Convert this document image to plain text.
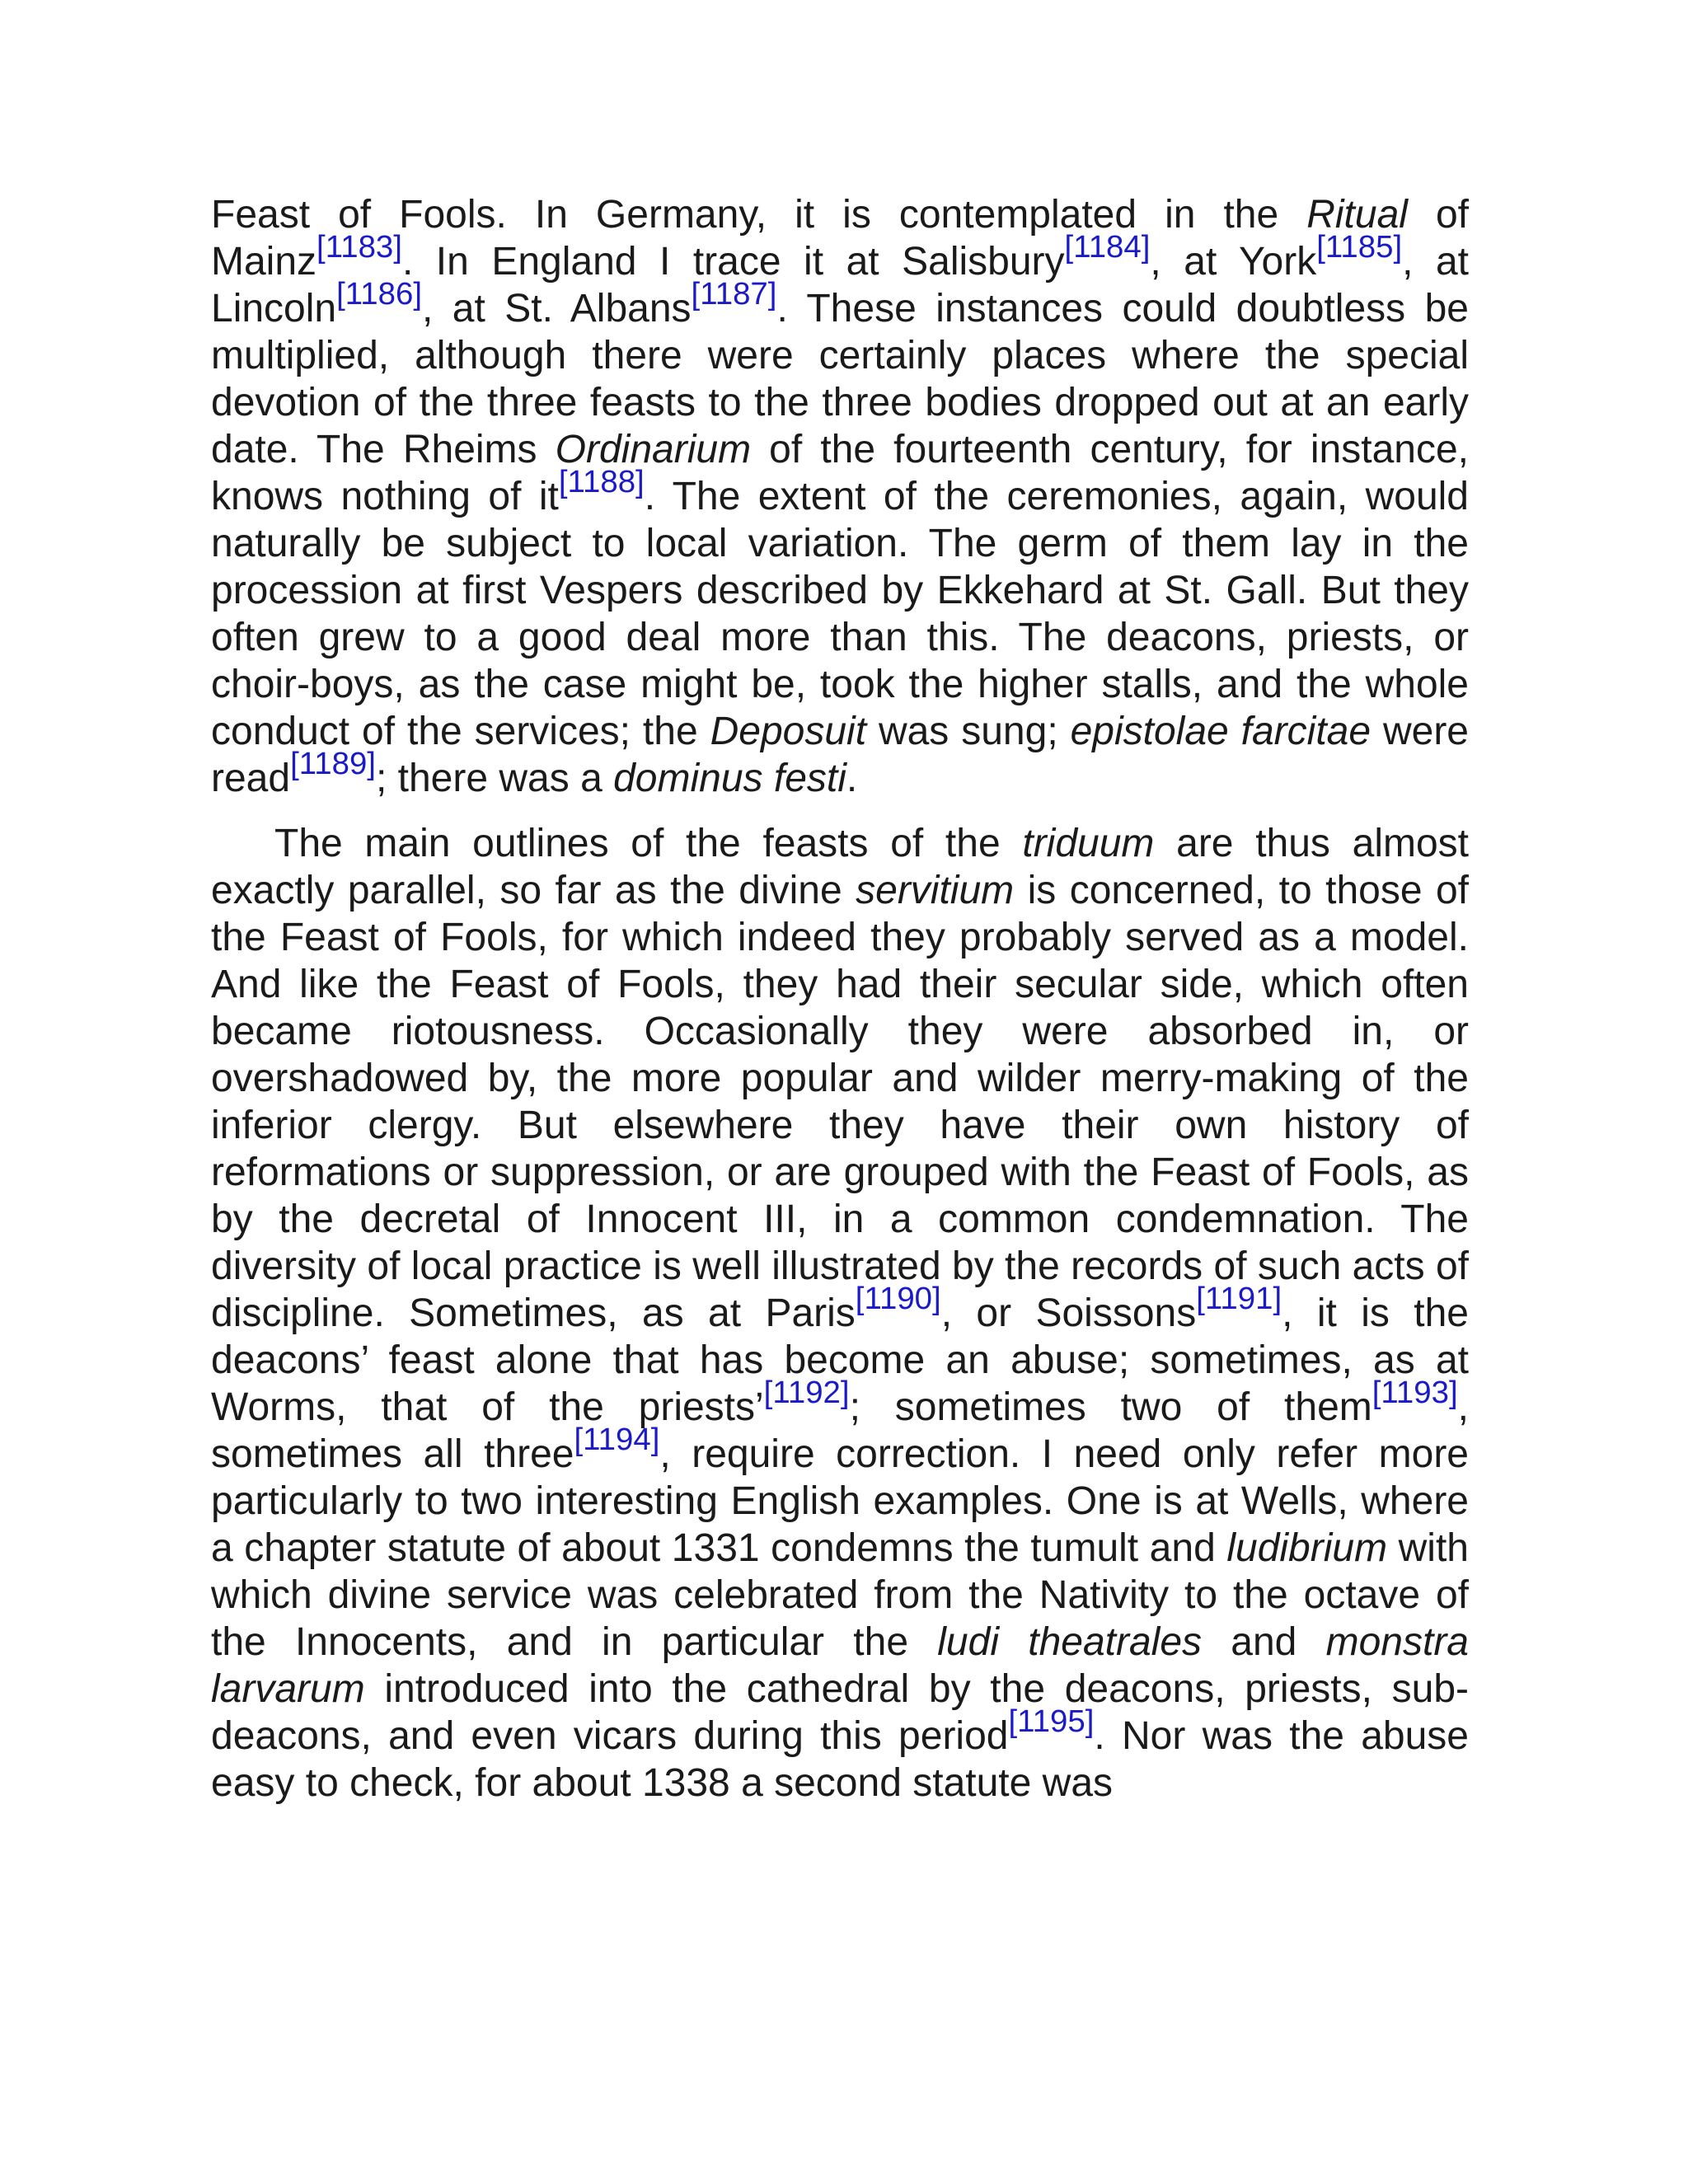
Feast of Fools. In Germany, it is contemplated in the Ritual of Mainz[1183]. In England I trace it at Salisbury[1184], at York[1185], at Lincoln[1186], at St. Albans[1187]. These instances could doubtless be multiplied, although there were certainly places where the special devotion of the three feasts to the three bodies dropped out at an early date. The Rheims Ordinarium of the fourteenth century, for instance, knows nothing of it[1188]. The extent of the ceremonies, again, would naturally be subject to local variation. The germ of them lay in the procession at first Vespers described by Ekkehard at St. Gall. But they often grew to a good deal more than this. The deacons, priests, or choir-boys, as the case might be, took the higher stalls, and the whole conduct of the services; the Deposuit was sung; epistolae farcitae were read[1189]; there was a dominus festi.

The main outlines of the feasts of the triduum are thus almost exactly parallel, so far as the divine servitium is concerned, to those of the Feast of Fools, for which indeed they probably served as a model. And like the Feast of Fools, they had their secular side, which often became riotousness. Occasionally they were absorbed in, or overshadowed by, the more popular and wilder merry-making of the inferior clergy. But elsewhere they have their own history of reformations or suppression, or are grouped with the Feast of Fools, as by the decretal of Innocent III, in a common condemnation. The diversity of local practice is well illustrated by the records of such acts of discipline. Sometimes, as at Paris[1190], or Soissons[1191], it is the deacons’ feast alone that has become an abuse; sometimes, as at Worms, that of the priests’[1192]; sometimes two of them[1193], sometimes all three[1194], require correction. I need only refer more particularly to two interesting English examples. One is at Wells, where a chapter statute of about 1331 condemns the tumult and ludibrium with which divine service was celebrated from the Nativity to the octave of the Innocents, and in particular the ludi theatrales and monstra larvarum introduced into the cathedral by the deacons, priests, sub-deacons, and even vicars during this period[1195]. Nor was the abuse easy to check, for about 1338 a second statute was
